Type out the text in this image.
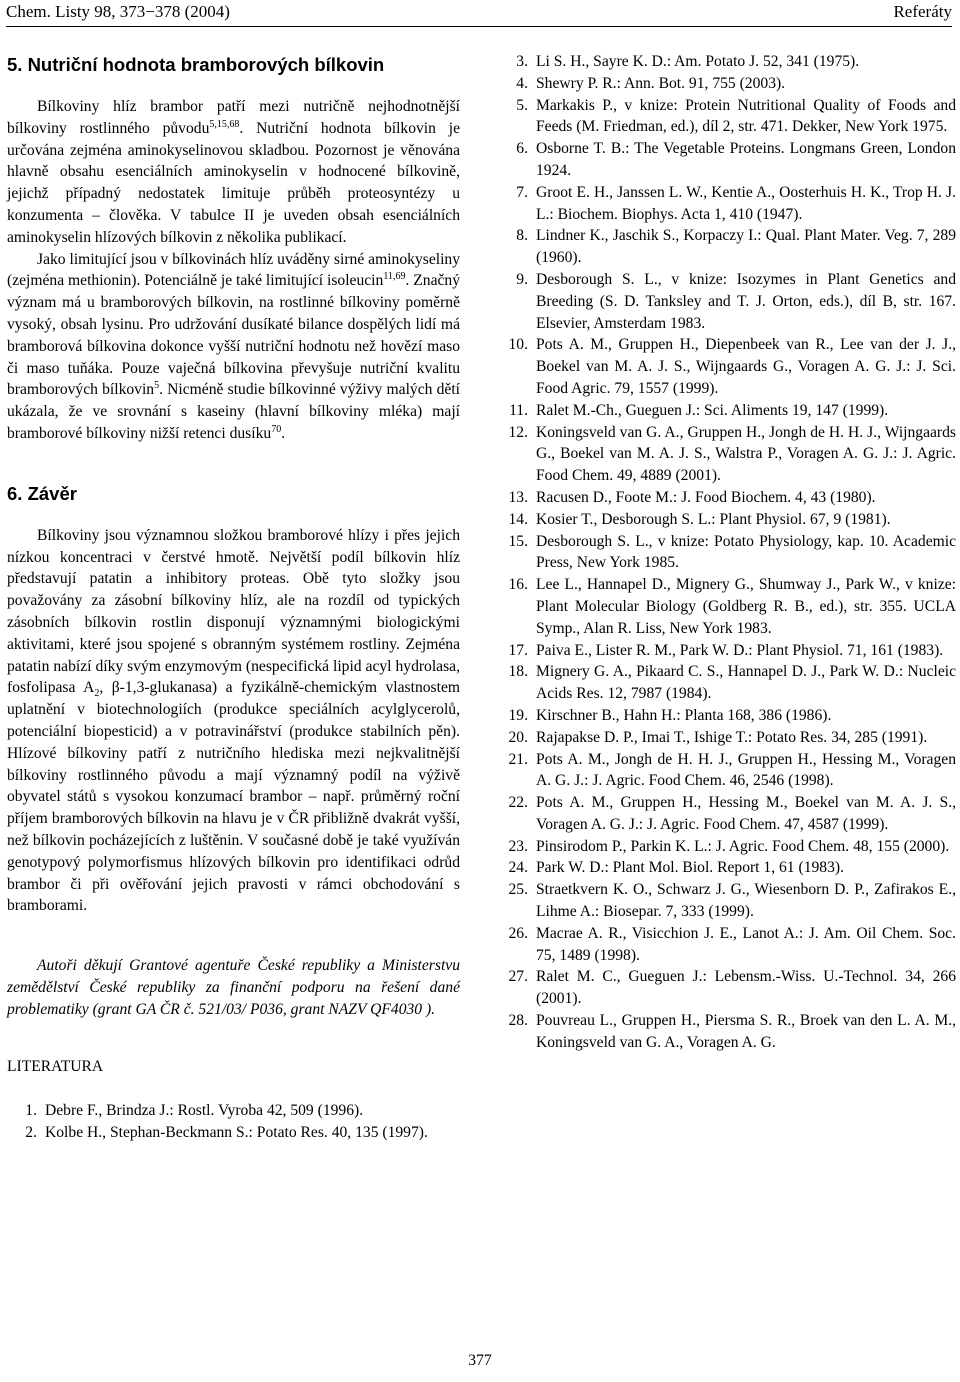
Chem. Listy 98, 373−378 (2004)	Referáty
5. Nutriční hodnota bramborových bílkovin

Bílkoviny hlíz brambor patří mezi nutričně nejhodnotnější bílkoviny rostlinného původu$^{5,15,68}$. Nutriční hodnota bílkovin je určována zejména aminokyselinovou skladbou. Pozornost je věnována hlavně obsahu esenciálních aminokyselin v hodnocené bílkovině, jejichž případný nedostatek limituje průběh proteosyntézy u konzumenta – člověka. V tabulce II je uveden obsah esenciálních aminokyselin hlízových bílkovin z několika publikací.

Jako limitující jsou v bílkovinách hlíz uváděny sirné aminokyseliny (zejména methionin). Potenciálně je také limitující isoleucin$^{11,69}$. Značný význam má u bramborových bílkovin, na rostlinné bílkoviny poměrně vysoký, obsah lysinu. Pro udržování dusíkaté bilance dospělých lidí má bramborová bílkovina dokonce vyšší nutriční hodnotu než hovězí maso či maso tuňáka. Pouze vaječná bílkovina převyšuje nutriční kvalitu bramborových bílkovin$^5$. Nicméně studie bílkovinné výživy malých dětí ukázala, že ve srovnání s kaseiny (hlavní bílkoviny mléka) mají bramborové bílkoviny nižší retenci dusíku$^{70}$.

6. Závěr

Bílkoviny jsou významnou složkou bramborové hlízy i přes jejich nízkou koncentraci v čerstvé hmotě. Největší podíl bílkovin hlíz představují patatin a inhibitory proteas. Obě tyto složky jsou považovány za zásobní bílkoviny hlíz, ale na rozdíl od typických zásobních bílkovin rostlin disponují významnými biologickými aktivitami, které jsou spojené s obranným systémem rostliny. Zejména patatin nabízí díky svým enzymovým (nespecifická lipid acyl hydrolasa, fosfolipasa $A_2$, β-1,3-glukanasa) a fyzikálně-chemickým vlastnostem uplatnění v biotechnologiích (produkce speciálních acylglycerolů, potenciální biopesticid) a v potravinářství (produkce stabilních pěn). Hlízové bílkoviny patří z nutričního hlediska mezi nejkvalitnější bílkoviny rostlinného původu a mají významný podíl na výživě obyvatel států s vysokou konzumací brambor – např. průměrný roční příjem bramborových bílkovin na hlavu je v ČR přibližně dvakrát vyšší, než bílkovin pocházejících z luštěnin. V současné době je také využíván genotypový polymorfismus hlízových bílkovin pro identifikaci odrůd brambor či při ověřování jejich pravosti v rámci obchodování s bramborami.

Autoři děkují Grantové agentuře České republiky a Ministerstvu zemědělství České republiky za finanční podporu na řešení dané problematiky (grant GA ČR č. 521/03/ P036, grant NAZV QF4030 ).

LITERATURA
1. Debre F., Brindza J.: Rostl. Vyroba 42, 509 (1996).
2. Kolbe H., Stephan-Beckmann S.: Potato Res. 40, 135 (1997).
3. Li S. H., Sayre K. D.: Am. Potato J. 52, 341 (1975).
4. Shewry P. R.: Ann. Bot. 91, 755 (2003).
5. Markakis P., v knize: Protein Nutritional Quality of Foods and Feeds (M. Friedman, ed.), díl 2, str. 471. Dekker, New York 1975.
6. Osborne T. B.: The Vegetable Proteins. Longmans Green, London 1924.
7. Groot E. H., Janssen L. W., Kentie A., Oosterhuis H. K., Trop H. J. L.: Biochem. Biophys. Acta 1, 410 (1947).
8. Lindner K., Jaschik S., Korpaczy I.: Qual. Plant Mater. Veg. 7, 289 (1960).
9. Desborough S. L., v knize: Isozymes in Plant Genetics and Breeding (S. D. Tanksley and T. J. Orton, eds.), díl B, str. 167. Elsevier, Amsterdam 1983.
10. Pots A. M., Gruppen H., Diepenbeek van R., Lee van der J. J., Boekel van M. A. J. S., Wijngaards G., Voragen A. G. J.: J. Sci. Food Agric. 79, 1557 (1999).
11. Ralet M.-Ch., Gueguen J.: Sci. Aliments 19, 147 (1999).
12. Koningsveld van G. A., Gruppen H., Jongh de H. H. J., Wijngaards G., Boekel van M. A. J. S., Walstra P., Voragen A. G. J.: J. Agric. Food Chem. 49, 4889 (2001).
13. Racusen D., Foote M.: J. Food Biochem. 4, 43 (1980).
14. Kosier T., Desborough S. L.: Plant Physiol. 67, 9 (1981).
15. Desborough S. L., v knize: Potato Physiology, kap. 10. Academic Press, New York 1985.
16. Lee L., Hannapel D., Mignery G., Shumway J., Park W., v knize: Plant Molecular Biology (Goldberg R. B., ed.), str. 355. UCLA Symp., Alan R. Liss, New York 1983.
17. Paiva E., Lister R. M., Park W. D.: Plant Physiol. 71, 161 (1983).
18. Mignery G. A., Pikaard C. S., Hannapel D. J., Park W. D.: Nucleic Acids Res. 12, 7987 (1984).
19. Kirschner B., Hahn H.: Planta 168, 386 (1986).
20. Rajapakse D. P., Imai T., Ishige T.: Potato Res. 34, 285 (1991).
21. Pots A. M., Jongh de H. H. J., Gruppen H., Hessing M., Voragen A. G. J.: J. Agric. Food Chem. 46, 2546 (1998).
22. Pots A. M., Gruppen H., Hessing M., Boekel van M. A. J. S., Voragen A. G. J.: J. Agric. Food Chem. 47, 4587 (1999).
23. Pinsirodom P., Parkin K. L.: J. Agric. Food Chem. 48, 155 (2000).
24. Park W. D.: Plant Mol. Biol. Report 1, 61 (1983).
25. Straetkvern K. O., Schwarz J. G., Wiesenborn D. P., Zafirakos E., Lihme A.: Biosepar. 7, 333 (1999).
26. Macrae A. R., Visicchion J. E., Lanot A.: J. Am. Oil Chem. Soc. 75, 1489 (1998).
27. Ralet M. C., Gueguen J.: Lebensm.-Wiss. U.-Technol. 34, 266 (2001).
28. Pouvreau L., Gruppen H., Piersma S. R., Broek van den L. A. M., Koningsveld van G. A., Voragen A. G.
377
